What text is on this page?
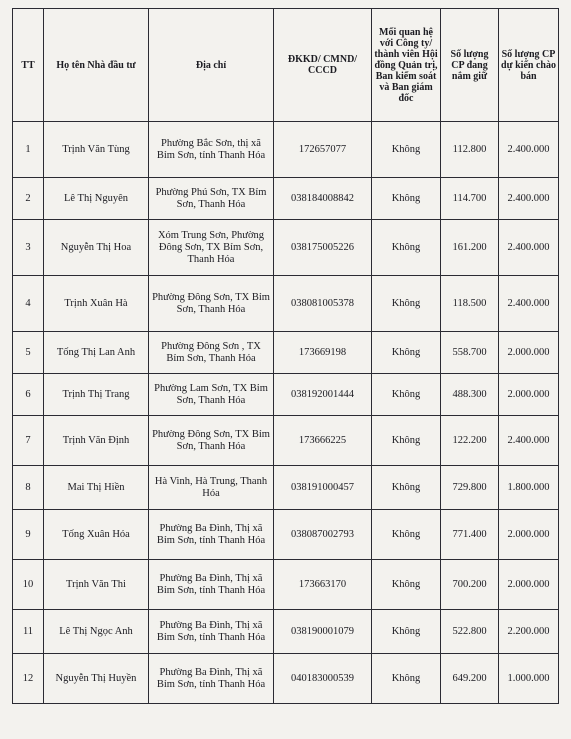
TT	Họ tên Nhà đầu tư	Địa chỉ	ĐKKD/ CMND/ CCCD	Mối quan hệ với Công ty/ thành viên Hội đồng Quản trị, Ban kiểm soát và Ban giám đốc	Số lượng CP đang nắm giữ	Số lượng CP dự kiến chào bán
1	Trịnh Văn Tùng	Phường Bắc Sơn, thị xã Bỉm Sơn, tỉnh Thanh Hóa	172657077	Không	112.800	2.400.000
2	Lê Thị Nguyên	Phường Phú Sơn, TX Bỉm Sơn, Thanh Hóa	038184008842	Không	114.700	2.400.000
3	Nguyễn Thị Hoa	Xóm Trung Sơn, Phường Đông Sơn, TX Bỉm Sơn, Thanh Hóa	038175005226	Không	161.200	2.400.000
4	Trịnh Xuân Hà	Phường Đông Sơn, TX Bỉm Sơn, Thanh Hóa	038081005378	Không	118.500	2.400.000
5	Tống Thị Lan Anh	Phường Đông Sơn , TX Bỉm Sơn, Thanh Hóa	173669198	Không	558.700	2.000.000
6	Trịnh Thị Trang	Phường Lam Sơn, TX Bỉm Sơn, Thanh Hóa	038192001444	Không	488.300	2.000.000
7	Trịnh Văn Định	Phường Đông Sơn, TX Bỉm Sơn, Thanh Hóa	173666225	Không	122.200	2.400.000
8	Mai Thị Hiền	Hà Vinh, Hà Trung, Thanh Hóa	038191000457	Không	729.800	1.800.000
9	Tống Xuân Hóa	Phường Ba Đình, Thị xã Bỉm Sơn, tỉnh Thanh Hóa	038087002793	Không	771.400	2.000.000
10	Trịnh Văn Thi	Phường Ba Đình, Thị xã Bỉm Sơn, tỉnh Thanh Hóa	173663170	Không	700.200	2.000.000
11	Lê Thị Ngọc Anh	Phường Ba Đình, Thị xã Bỉm Sơn, tỉnh Thanh Hóa	038190001079	Không	522.800	2.200.000
12	Nguyễn Thị Huyền	Phường Ba Đình, Thị xã Bỉm Sơn, tỉnh Thanh Hóa	040183000539	Không	649.200	1.000.000
